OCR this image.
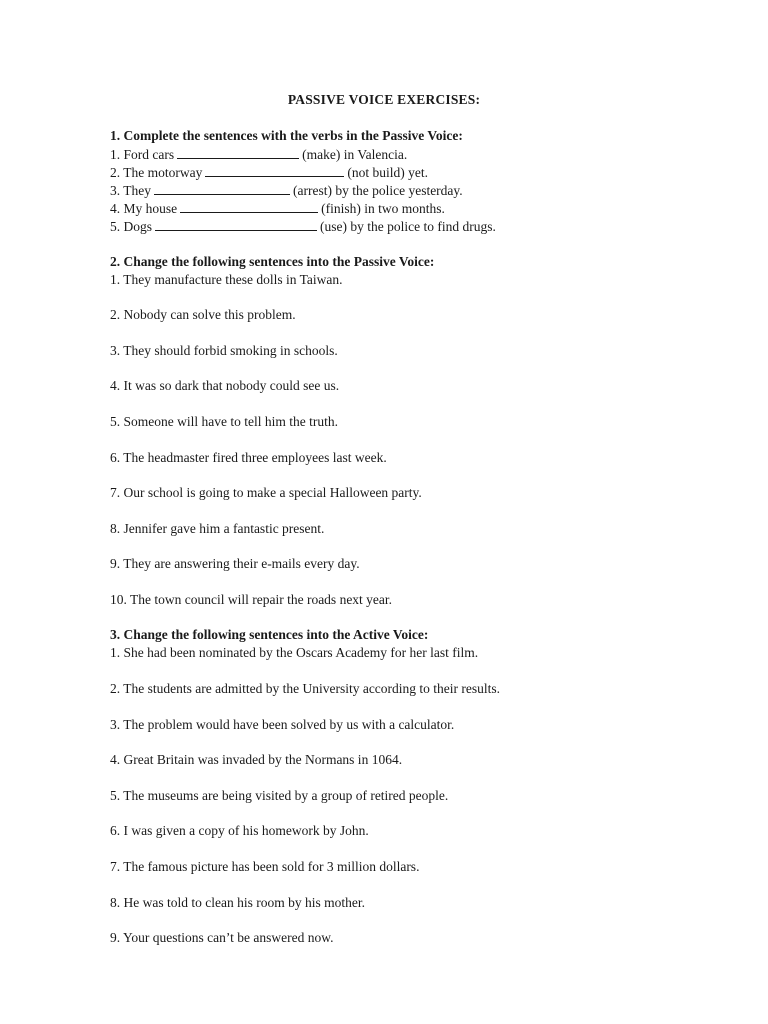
PASSIVE VOICE EXERCISES:
1. Complete the sentences with the verbs in the Passive Voice:
1. Ford cars	(make) in Valencia.
2. The motorway	(not build) yet.
3. They	(arrest) by the police yesterday.
4. My house	(finish) in two months.
5. Dogs	(use) by the police to find drugs.
2. Change the following sentences into the Passive Voice:
1. They manufacture these dolls in Taiwan.
2. Nobody can solve this problem.
3. They should forbid smoking in schools.
4. It was so dark that nobody could see us.
5. Someone will have to tell him the truth.
6. The headmaster fired three employees last week.
7. Our school is going to make a special Halloween party.
8. Jennifer gave him a fantastic present.
9. They are answering their e-mails every day.
10. The town council will repair the roads next year.
3. Change the following sentences into the Active Voice:
1. She had been nominated by the Oscars Academy for her last film.
2. The students are admitted by the University according to their results.
3. The problem would have been solved by us with a calculator.
4. Great Britain was invaded by the Normans in 1064.
5. The museums are being visited by a group of retired people.
6. I was given a copy of his homework by John.
7. The famous picture has been sold for 3 million dollars.
8. He was told to clean his room by his mother.
9. Your questions can’t be answered now.
